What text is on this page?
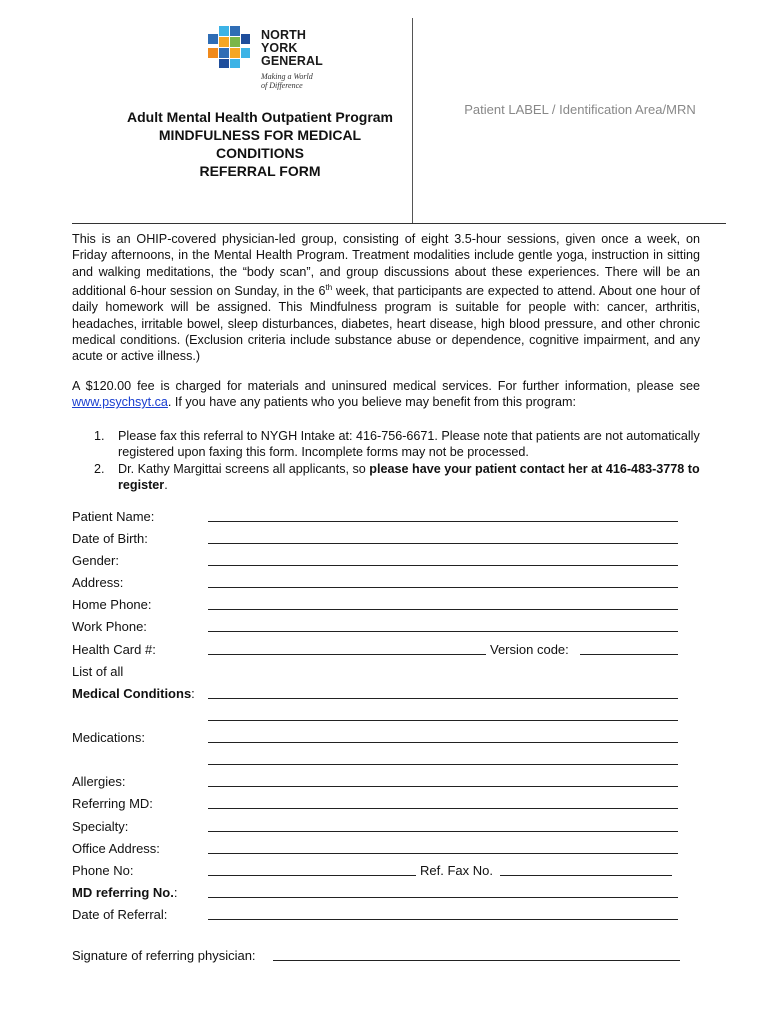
NORTH
YORK
GENERAL
Making a World
of Difference
Adult Mental Health Outpatient Program
MINDFULNESS FOR MEDICAL
CONDITIONS
REFERRAL FORM
Patient LABEL / Identification Area/MRN
This is an OHIP-covered physician-led group, consisting of eight 3.5-hour sessions, given once a week, on Friday afternoons, in the Mental Health Program. Treatment modalities include gentle yoga, instruction in sitting and walking meditations, the “body scan”, and group discussions about these experiences. There will be an additional 6-hour session on Sunday, in the 6th week, that participants are expected to attend. About one hour of daily homework will be assigned. This Mindfulness program is suitable for people with: cancer, arthritis, headaches, irritable bowel, sleep disturbances, diabetes, heart disease, high blood pressure, and other chronic medical conditions. (Exclusion criteria include substance abuse or dependence, cognitive impairment, and any acute or active illness.)
A $120.00 fee is charged for materials and uninsured medical services. For further information, please see www.psychsyt.ca. If you have any patients who you believe may benefit from this program:
1. Please fax this referral to NYGH Intake at: 416-756-6671. Please note that patients are not automatically registered upon faxing this form. Incomplete forms may not be processed.
2. Dr. Kathy Margittai screens all applicants, so please have your patient contact her at 416-483-3778 to register.
Patient Name:
Date of Birth:
Gender:
Address:
Home Phone:
Work Phone:
Health Card #:	Version code:
List of all
Medical Conditions:
Medications:
Allergies:
Referring MD:
Specialty:
Office Address:
Phone No:	Ref. Fax No.
MD referring No.:
Date of Referral:
Signature of referring physician:
